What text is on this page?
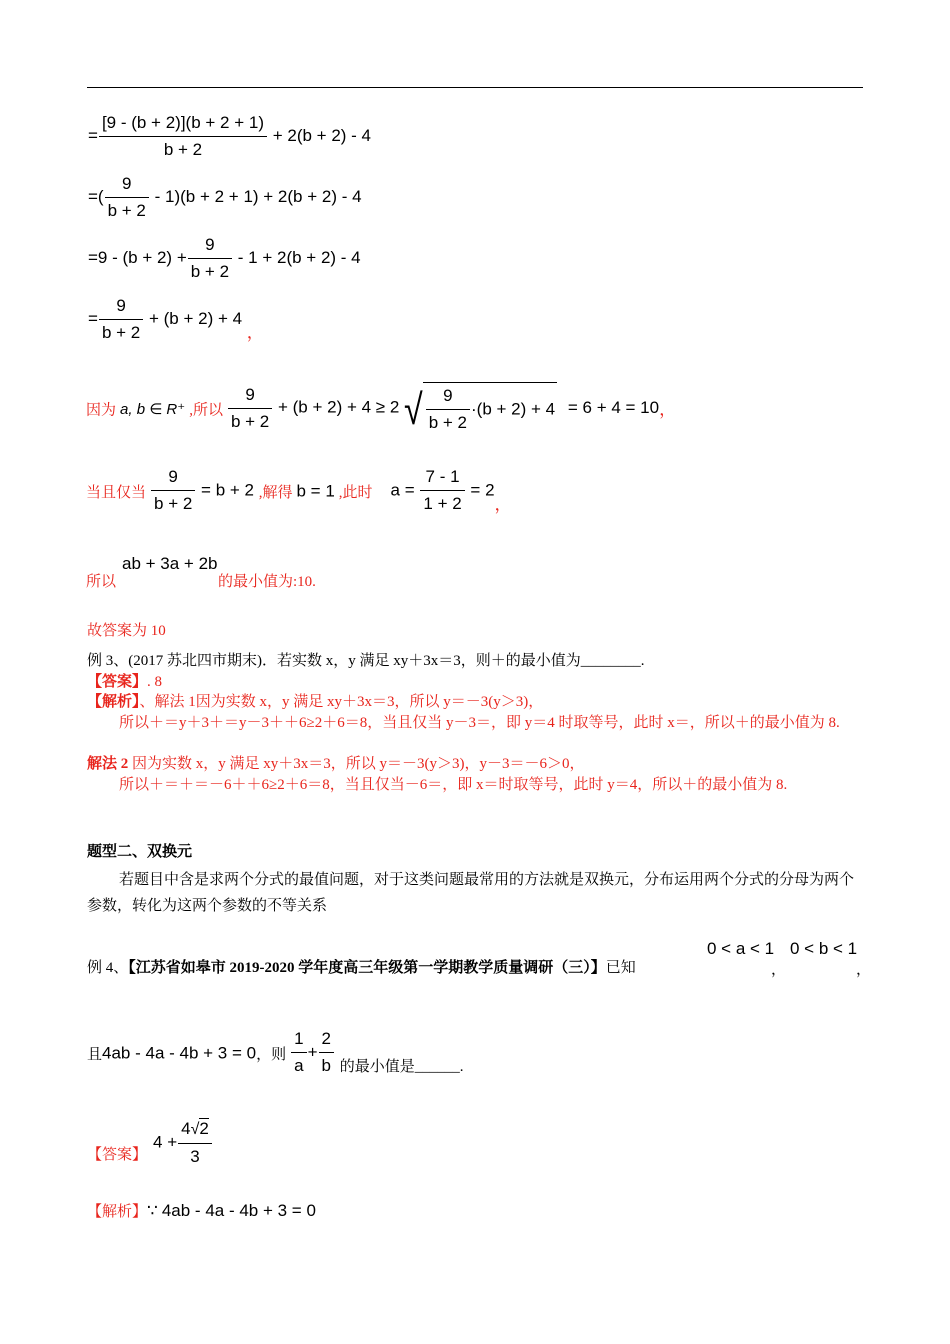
= $\frac{[9 - (b + 2)](b + 2 + 1)}{b + 2} + 2(b + 2) - 4$
=( $\frac{9}{b + 2} - 1)(b + 2 + 1) + 2(b + 2) - 4$
$=9 - (b + 2) + \frac{9}{b + 2} - 1 + 2(b + 2) - 4$
= $\frac{9}{b + 2} + (b + 2) + 4$ ，
因为 a, b ∈ R⁺ ,所以 $\frac{9}{b + 2} + (b + 2) + 4 \ge 2$ √ $\frac{9}{b + 2} \cdot(b + 2) + 4 = 6 + 4 = 10$，
当且仅当 $\frac{9}{b + 2} = b + 2$ ,解得 b = 1 ,此时 $a = \frac{7 - 1}{1 + 2} = 2$，
所以
ab + 3a + 2b
的最小值为:10.
故答案为 10
例 3、(2017 苏北四市期末)．若实数 x，y 满足 xy＋3x＝3，则＋的最小值为________.
【答案】. 8
【解析】、解法 1因为实数 x，y 满足 xy＋3x＝3，所以 y＝－3(y＞3)，
所以＋＝y＋3＋＝y－3＋＋6≥2＋6＝8，当且仅当 y－3＝，即 y＝4 时取等号，此时 x＝，所以＋的最小值为 8.
解法 2 因为实数 x，y 满足 xy＋3x＝3，所以 y＝－3(y＞3)，y－3＝－6＞0，
所以＋＝＋＝－6＋＋6≥2＋6＝8，当且仅当－6＝，即 x＝时取等号，此时 y＝4，所以＋的最小值为 8.
题型二、双换元
若题目中含是求两个分式的最值问题，对于这类问题最常用的方法就是双换元，分布运用两个分式的分母为两个参数，转化为这两个参数的不等关系
例 4、【江苏省如皋市 2019-2020 学年度高三年级第一学期教学质量调研（三）】已知
0 < a < 1
，
0 < b < 1
，
且4ab - 4a - 4b + 3 = 0，则 $\frac{1}{a} + \frac{2}{b}$ 的最小值是______.
【答案】 $4 + \frac{4√2}{3}$
【解析】∵ 4ab - 4a - 4b + 3 = 0
